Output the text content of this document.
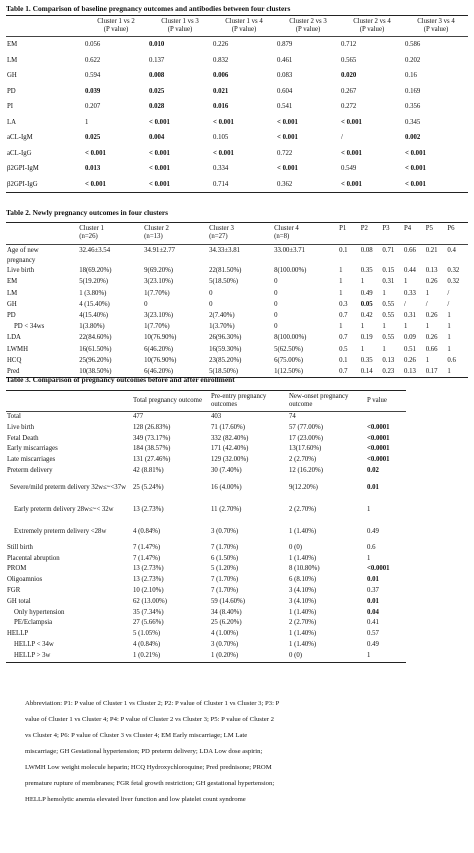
Table 1. Comparison of baseline pregnancy outcomes and antibodies between four clusters
	Cluster 1 vs 2	Cluster 1 vs 3	Cluster 1 vs 4	Cluster 2 vs 3	Cluster 2 vs 4	Cluster 3 vs 4
	(P value)	(P value)	(P value)	(P value)	(P value)	(P value)
EM	0.056	0.010	0.226	0.879	0.712	0.586
LM	0.622	0.137	0.832	0.461	0.565	0.202
GH	0.594	0.008	0.006	0.083	0.020	0.16
PD	0.039	0.025	0.021	0.604	0.267	0.169
PI	0.207	0.028	0.016	0.541	0.272	0.356
LA	1	< 0.001	< 0.001	< 0.001	< 0.001	0.345
aCL-IgM	0.025	0.004	0.105	< 0.001	/	0.002
aCL-IgG	< 0.001	< 0.001	< 0.001	0.722	< 0.001	< 0.001
β2GPI-IgM	0.013	< 0.001	0.334	< 0.001	0.549	< 0.001
β2GPI-IgG	< 0.001	< 0.001	0.714	0.362	< 0.001	< 0.001
Table 2. Newly pregnancy outcomes in four clusters
	Cluster 1	Cluster 2	Cluster 3	Cluster 4	P1	P2	P3	P4	P5	P6
	(n=26)	(n=13)	(n=27)	(n=8)						
Age of new	32.46±3.54	34.91±2.77	34.33±3.81	33.00±3.71	0.1	0.08	0.71	0.66	0.21	0.4
pregnancy										
Live birth	18(69.20%)	9(69.20%)	22(81.50%)	8(100.00%)	1	0.35	0.15	0.44	0.13	0.32
EM	5(19.20%)	3(23.10%)	5(18.50%)	0	1	1	0.31	1	0.26	0.32
LM	1 (3.80%)	1(7.70%)	0	0	1	0.49	1	0.33	1	/
GH	4 (15.40%)	0	0	0	0.3	0.05	0.55	/	/	/
PD	4(15.40%)	3(23.10%)	2(7.40%)	0	0.7	0.42	0.55	0.31	0.26	1
PD < 34ws	1(3.80%)	1(7.70%)	1(3.70%)	0	1	1	1	1	1	1
LDA	22(84.60%)	10(76.90%)	26(96.30%)	8(100.00%)	0.7	0.19	0.55	0.09	0.26	1
LWMH	16(61.50%)	6(46.20%)	16(59.30%)	5(62.50%)	0.5	1	1	0.51	0.66	1
HCQ	25(96.20%)	10(76.90%)	23(85.20%)	6(75.00%)	0.1	0.35	0.13	0.26	1	0.6
Pred	10(38.50%)	6(46.20%)	5(18.50%)	1(12.50%)	0.7	0.14	0.23	0.13	0.17	1
Table 3. Comparison of pregnancy outcomes before and after enrollment
	Total pregnancy outcome	Pre-entry pregnancy outcomes	New-onset pregnancy outcome	P value
Total	477	403	74	
Live birth	128 (26.83%)	71 (17.60%)	57 (77.00%)	<0.0001
Fetal Death	349 (73.17%)	332 (82.40%)	17 (23.00%)	<0.0001
Early miscarriages	184 (38.57%)	171 (42.40%)	13(17.60%)	<0.0001
Late miscarriages	131 (27.46%)	129 (32.00%)	2 (2.70%)	<0.0001
Preterm delivery	42 (8.81%)	30 (7.40%)	12 (16.20%)	0.02
Severe/mild preterm delivery 32w≤~<37w	25 (5.24%)	16 (4.00%)	9(12.20%)	0.01
Early preterm delivery 28w≤~< 32w	13 (2.73%)	11 (2.70%)	2 (2.70%)	1
Extremely preterm delivery <28w	4 (0.84%)	3 (0.70%)	1 (1.40%)	0.49
Still birth	7 (1.47%)	7 (1.70%)	0 (0)	0.6
Placental abruption	7 (1.47%)	6 (1.50%)	1 (1.40%)	1
PROM	13 (2.73%)	5 (1.20%)	8 (10.80%)	<0.0001
Oligoamnios	13 (2.73%)	7 (1.70%)	6 (8.10%)	0.01
FGR	10 (2.10%)	7 (1.70%)	3 (4.10%)	0.37
GH total	62 (13.00%)	59 (14.60%)	3 (4.10%)	0.01
Only hypertension	35 (7.34%)	34 (8.40%)	1 (1.40%)	0.04
PE/Eclampsia	27 (5.66%)	25 (6.20%)	2 (2.70%)	0.41
HELLP	5 (1.05%)	4 (1.00%)	1 (1.40%)	0.57
HELLP < 34w	4 (0.84%)	3 (0.70%)	1 (1.40%)	0.49
HELLP > 3w	1 (0.21%)	1 (0.20%)	0 (0)	1
Abbreviation: P1: P value of Cluster 1 vs Cluster 2; P2: P value of Cluster 1 vs Cluster 3; P3: P
value of Cluster 1 vs Cluster 4; P4: P value of Cluster 2 vs Cluster 3; P5: P value of Cluster 2
vs Cluster 4; P6: P value of Cluster 3 vs Cluster 4; EM Early miscarriage; LM Late
miscarriage; GH Gestational hypertension; PD preterm delivery; LDA Low dose aspirin;
LWMH Low weight molecule heparin; HCQ Hydroxychloroquine; Pred prednisone; PROM
premature rupture of membranes; FGR fetal growth restriction; GH gestational hypertension;
HELLP hemolytic anemia elevated liver function and low platelet count syndrome
